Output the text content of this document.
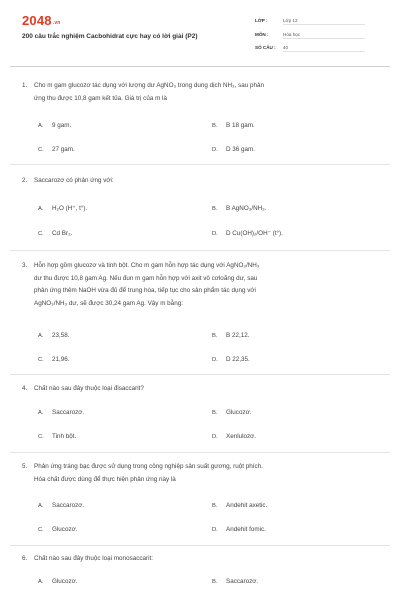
$2048_{.vn}$
200 câu trắc nghiệm Cacbohidrat cực hay có lời giải (P2)
LỚP :	Lớp 12
MÔN :	Hóa học
SỐ CÂU : 40
1. Cho m gam glucozơ tác dụng với lượng dư AgNO₃ trong dung dịch NH₃, sau phản
ứng thu được 10,8 gam kết tủa. Giá trị của m là
A. 9 gam.	B. B 18 gam.
C. 27 gam.	D. D 36 gam.
2. Saccarozơ có phản ứng với:
A. H₂O (H⁺, t°).	B. B AgNO₃/NH₃.
C. Cd Br₂.	D. D Cu(OH)₂/OH⁻ (t°).
3. Hỗn hợp gồm glucozơ và tinh bột. Cho m gam hỗn hợp tác dụng với AgNO₃/NH₃
dư thu được 10,8 gam Ag. Nếu đun m gam hỗn hợp với axit vô cơloãng dư, sau
phản ứng thêm NaOH vừa đủ để trung hòa, tiếp tục cho sản phẩm tác dụng với
AgNO₃/NH₃ dư, sẽ được 30,24 gam Ag. Vậy m bằng:
A. 23,58.	B. B 22,12.
C. 21,96.	D. D 22,35.
4. Chất nào sau đây thuộc loại đisaccarit?
A. Saccarozơ.	B. Glucozơ.
C. Tinh bột.	D. Xenlulozơ.
5. Phản ứng tráng bạc được sử dụng trong công nghiệp sản suất gương, ruột phích.
Hóa chất được dùng để thực hiện phản ứng này là
A. Saccarozơ.	B. Andehit axetic.
C. Glucozơ.	D. Andehit fomic.
6. Chất nào sau đây thuộc loại monosaccarit:
A. Glucozơ.	B. Saccarozơ.
